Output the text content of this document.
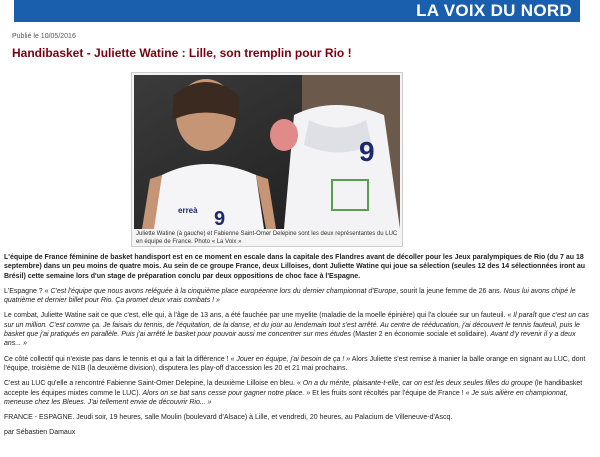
LA VOIX DU NORD
Publié le 10/05/2016
Handibasket - Juliette Watine : Lille, son tremplin pour Rio !
9
erreà 9
Juliette Watine (à gauche) et Fabienne Saint-Omer Delepine sont les deux représentantes du LUC en équipe de France. Photo « La Voix »

L'équipe de France féminine de basket handisport est en ce moment en escale dans la capitale des Flandres avant de décoller pour les Jeux paralympiques de Rio (du 7 au 18 septembre) dans un peu moins de quatre mois. Au sein de ce groupe France, deux Lilloises, dont Juliette Watine qui joue sa sélection (seules 12 des 14 sélectionnées iront au Brésil) cette semaine lors d'un stage de préparation conclu par deux oppositions de choc face à l'Espagne.

L'Espagne ? « C'est l'équipe que nous avons reléguée à la cinquième place européenne lors du dernier championnat d'Europe, sourit la jeune femme de 26 ans. Nous lui avons chipé le quatrième et dernier billet pour Rio. Ça promet deux vrais combats ! »

Le combat, Juliette Watine sait ce que c'est, elle qui, à l'âge de 13 ans, a été fauchée par une myelite (maladie de la moelle épinière) qui l'a clouée sur un fauteuil. « Il paraît que c'est un cas sur un million. C'est comme ça. Je faisais du tennis, de l'équitation, de la danse, et du jour au lendemain tout s'est arrêté. Au centre de rééducation, j'ai découvert le tennis fauteuil, puis le basket que j'ai pratiqués en parallèle. Puis j'ai arrêté le basket pour pouvoir aussi me concentrer sur mes études (Master 2 en économie sociale et solidaire). Avant d'y revenir il y a deux ans... »

Ce côté collectif qui n'existe pas dans le tennis et qui a fait la différence ! « Jouer en équipe, j'ai besoin de ça ! » Alors Juliette s'est remise à manier la balle orange en signant au LUC, dont l'équipe, troisième de N1B (la deuxième division), disputera les play-off d'accession les 20 et 21 mai prochains.

C'est au LUC qu'elle a rencontré Fabienne Saint-Omer Delepine, la deuxième Lilloise en bleu. « On a du mérite, plaisante-t-elle, car on est les deux seules filles du groupe (le handibasket accepte les équipes mixtes comme le LUC). Alors on se bat sans cesse pour gagner notre place. » Et les fruits sont récoltés par l'équipe de France ! « Je suis ailière en championnat, meneuse chez les Bleues. J'ai tellement envie de découvrir Rio... »

FRANCE - ESPAGNE. Jeudi soir, 19 heures, salle Moulin (boulevard d'Alsace) à Lille, et vendredi, 20 heures, au Palacium de Villeneuve-d'Ascq.

par Sébastien Damaux
